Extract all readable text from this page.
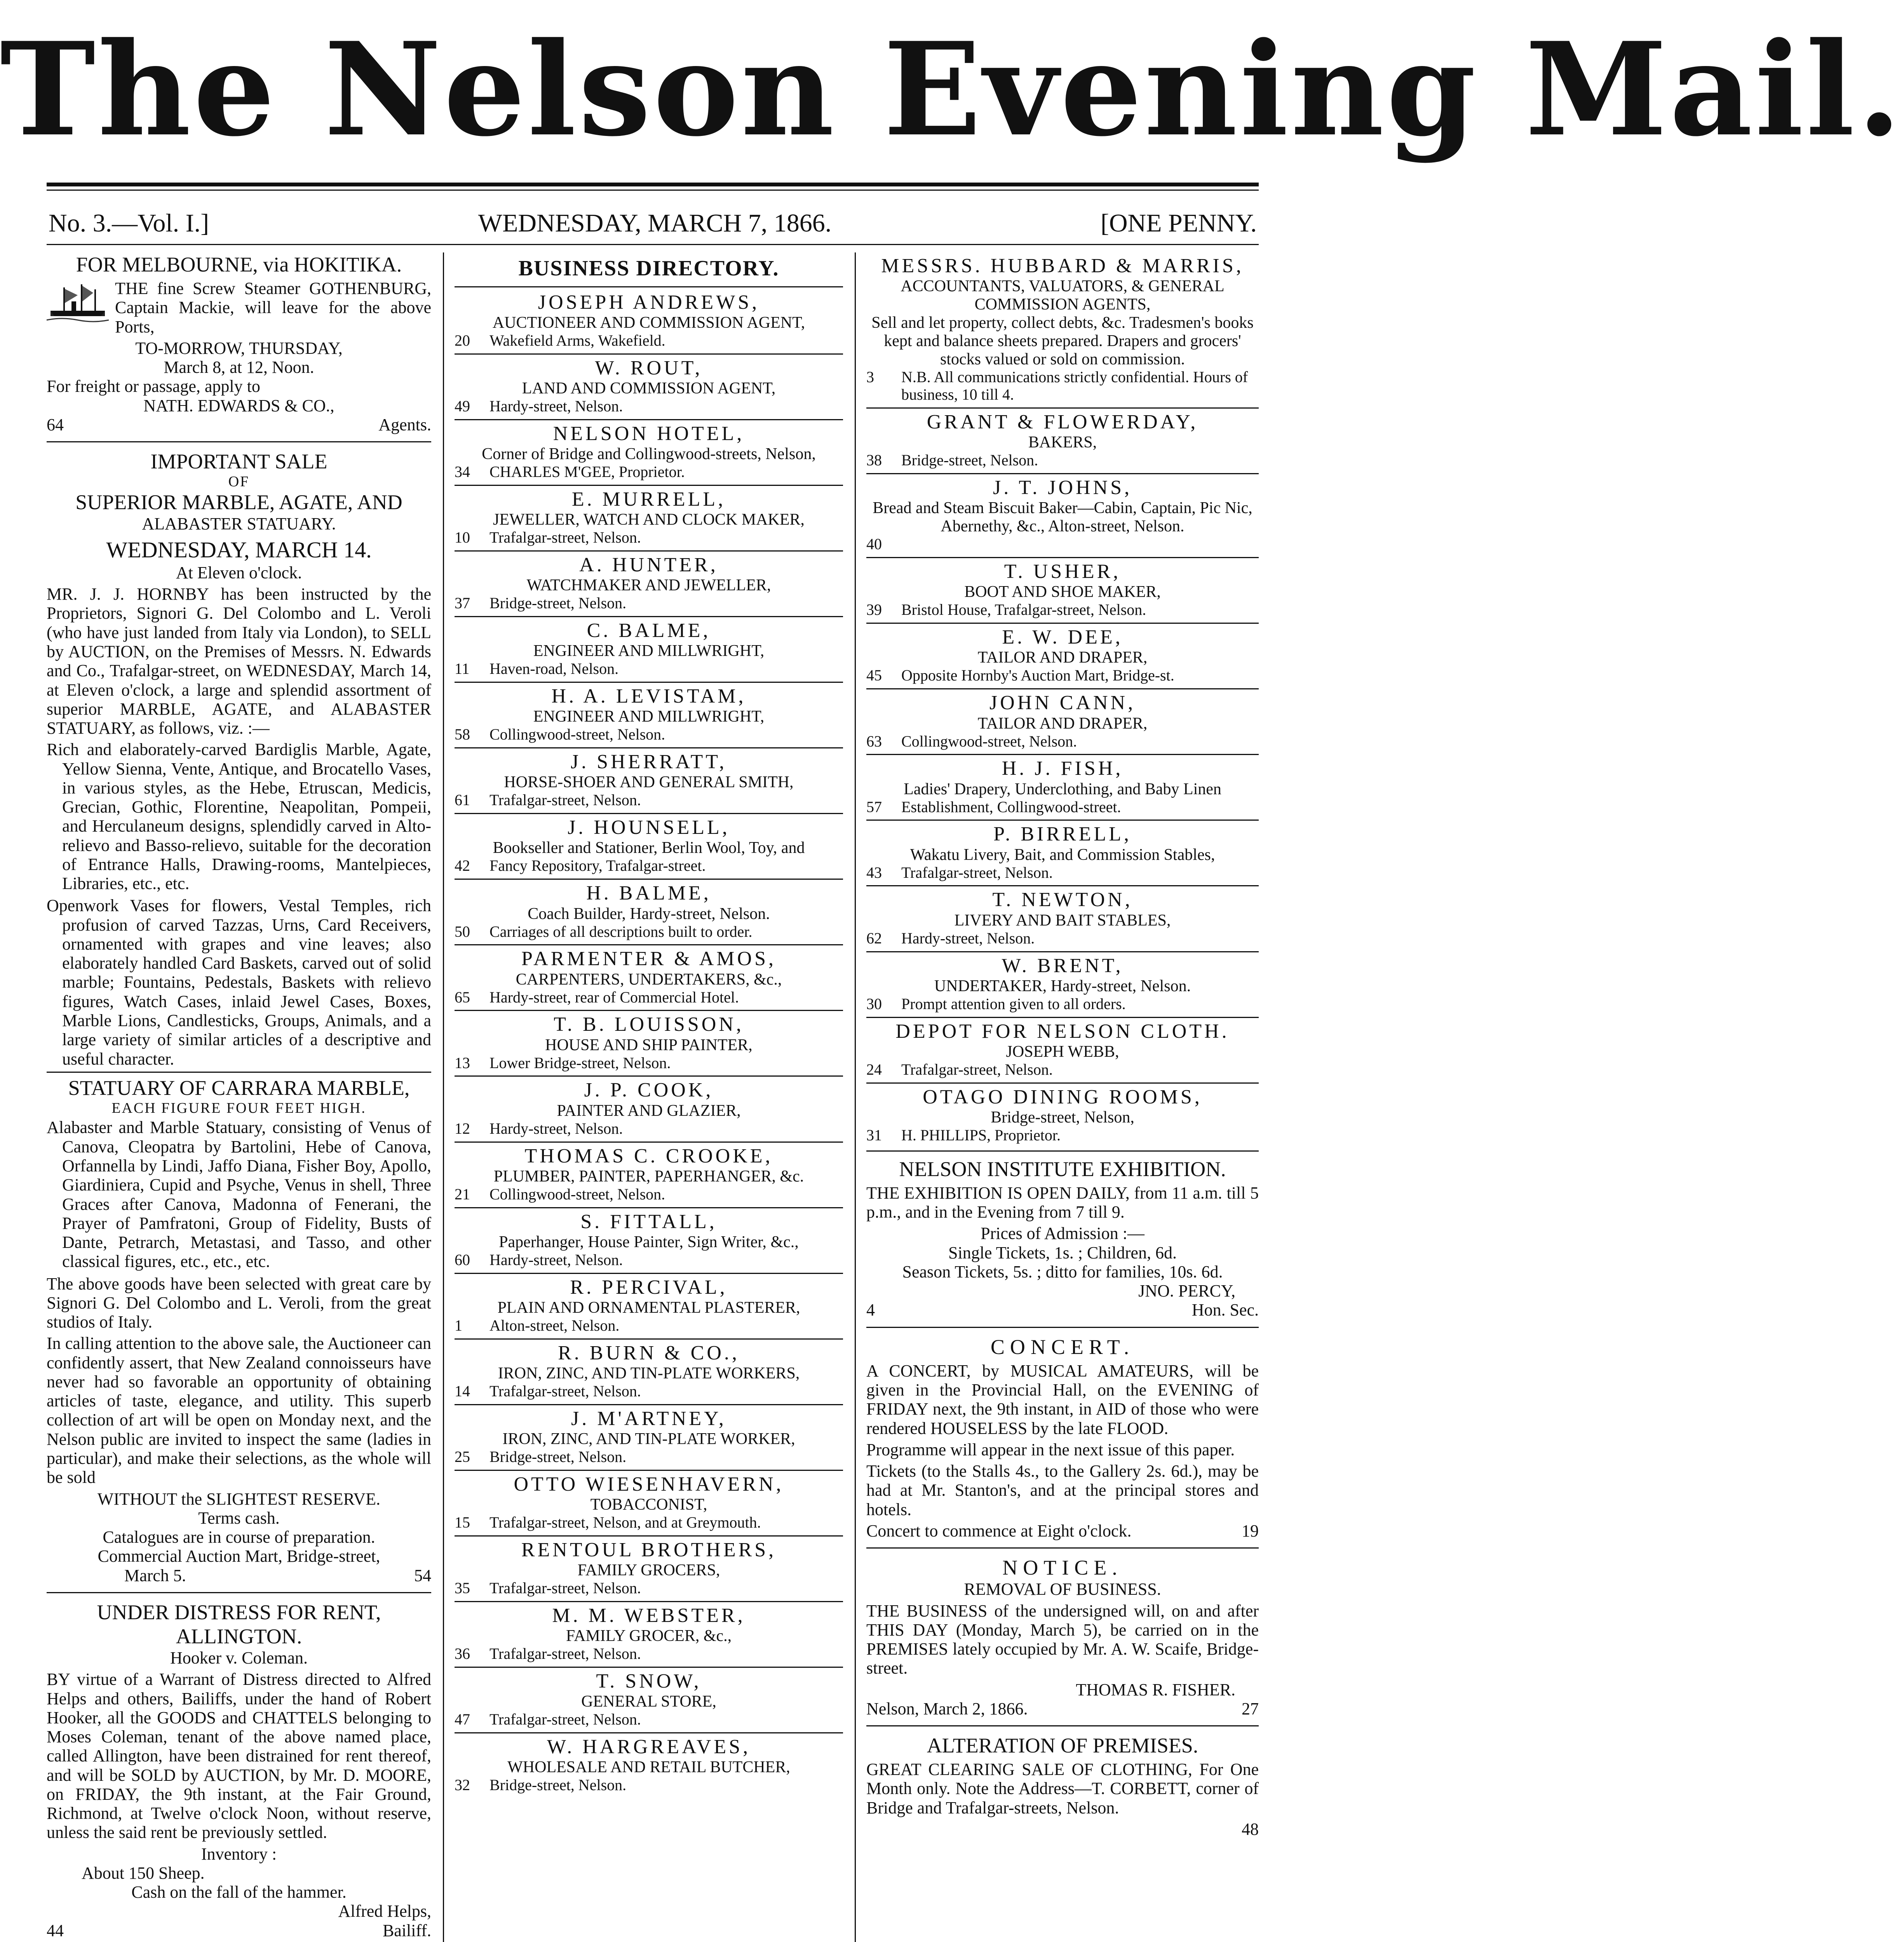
The Nelson Evening Mail.
No. 3.—Vol. I.]	WEDNESDAY, MARCH 7, 1866.	[ONE PENNY.
FOR MELBOURNE, via HOKITIKA.
THE fine Screw Steamer GOTHENBURG, Captain Mackie, will leave for the above Ports,
TO-MORROW, THURSDAY,
March 8, at 12, Noon.
For freight or passage, apply to
NATH. EDWARDS & CO.,
64	Agents.
IMPORTANT SALE
OF
SUPERIOR MARBLE, AGATE, AND
ALABASTER STATUARY.
WEDNESDAY, MARCH 14.
At Eleven o'clock.
MR. J. J. HORNBY has been instructed by the Proprietors, Signori G. Del Colombo and L. Veroli (who have just landed from Italy via London), to SELL by AUCTION, on the Premises of Messrs. N. Edwards and Co., Trafalgar-street, on WEDNESDAY, March 14, at Eleven o'clock, a large and splendid assortment of superior MARBLE, AGATE, and ALABASTER STATUARY, as follows, viz. :—
Rich and elaborately-carved Bardiglis Marble, Agate, Yellow Sienna, Vente, Antique, and Brocatello Vases, in various styles, as the Hebe, Etruscan, Medicis, Grecian, Gothic, Florentine, Neapolitan, Pompeii, and Herculaneum designs, splendidly carved in Alto-relievo and Basso-relievo, suitable for the decoration of Entrance Halls, Drawing-rooms, Mantelpieces, Libraries, etc., etc.
Openwork Vases for flowers, Vestal Temples, rich profusion of carved Tazzas, Urns, Card Receivers, ornamented with grapes and vine leaves; also elaborately handled Card Baskets, carved out of solid marble; Fountains, Pedestals, Baskets with relievo figures, Watch Cases, inlaid Jewel Cases, Boxes, Marble Lions, Candlesticks, Groups, Animals, and a large variety of similar articles of a descriptive and useful character.
STATUARY OF CARRARA MARBLE,
EACH FIGURE FOUR FEET HIGH.
Alabaster and Marble Statuary, consisting of Venus of Canova, Cleopatra by Bartolini, Hebe of Canova, Orfannella by Lindi, Jaffo Diana, Fisher Boy, Apollo, Giardiniera, Cupid and Psyche, Venus in shell, Three Graces after Canova, Madonna of Fenerani, the Prayer of Pamfratoni, Group of Fidelity, Busts of Dante, Petrarch, Metastasi, and Tasso, and other classical figures, etc., etc., etc.
The above goods have been selected with great care by Signori G. Del Colombo and L. Veroli, from the great studios of Italy.
In calling attention to the above sale, the Auctioneer can confidently assert, that New Zealand connoisseurs have never had so favorable an opportunity of obtaining articles of taste, elegance, and utility. This superb collection of art will be open on Monday next, and the Nelson public are invited to inspect the same (ladies in particular), and make their selections, as the whole will be sold
WITHOUT the SLIGHTEST RESERVE.
Terms cash.
Catalogues are in course of preparation.
Commercial Auction Mart, Bridge-street,
March 5.	54
UNDER DISTRESS FOR RENT, ALLINGTON.
Hooker v. Coleman.
BY virtue of a Warrant of Distress directed to Alfred Helps and others, Bailiffs, under the hand of Robert Hooker, all the GOODS and CHATTELS belonging to Moses Coleman, tenant of the above named place, called Allington, have been distrained for rent thereof, and will be SOLD by AUCTION, by Mr. D. MOORE, on FRIDAY, the 9th instant, at the Fair Ground, Richmond, at Twelve o'clock Noon, without reserve, unless the said rent be previously settled.
Inventory :
About 150 Sheep.
Cash on the fall of the hammer.
Alfred Helps,
44	Bailiff.
BUSINESS DIRECTORY.
JOSEPH ANDREWS,
AUCTIONEER AND COMMISSION AGENT,
20	Wakefield Arms, Wakefield.
W. ROUT,
LAND AND COMMISSION AGENT,
49	Hardy-street, Nelson.
NELSON HOTEL,
Corner of Bridge and Collingwood-streets, Nelson,
34	CHARLES M'GEE, Proprietor.
E. MURRELL,
JEWELLER, WATCH AND CLOCK MAKER,
10	Trafalgar-street, Nelson.
A. HUNTER,
WATCHMAKER AND JEWELLER,
37	Bridge-street, Nelson.
C. BALME,
ENGINEER AND MILLWRIGHT,
11	Haven-road, Nelson.
H. A. LEVISTAM,
ENGINEER AND MILLWRIGHT,
58	Collingwood-street, Nelson.
J. SHERRATT,
HORSE-SHOER AND GENERAL SMITH,
61	Trafalgar-street, Nelson.
J. HOUNSELL,
Bookseller and Stationer, Berlin Wool, Toy, and
42	Fancy Repository, Trafalgar-street.
H. BALME,
Coach Builder, Hardy-street, Nelson.
50	Carriages of all descriptions built to order.
PARMENTER & AMOS,
CARPENTERS, UNDERTAKERS, &c.,
65	Hardy-street, rear of Commercial Hotel.
T. B. LOUISSON,
HOUSE AND SHIP PAINTER,
13	Lower Bridge-street, Nelson.
J. P. COOK,
PAINTER AND GLAZIER,
12	Hardy-street, Nelson.
THOMAS C. CROOKE,
PLUMBER, PAINTER, PAPERHANGER, &c.
21	Collingwood-street, Nelson.
S. FITTALL,
Paperhanger, House Painter, Sign Writer, &c.,
60	Hardy-street, Nelson.
R. PERCIVAL,
PLAIN AND ORNAMENTAL PLASTERER,
1	Alton-street, Nelson.
R. BURN & CO.,
IRON, ZINC, AND TIN-PLATE WORKERS,
14	Trafalgar-street, Nelson.
J. M'ARTNEY,
IRON, ZINC, AND TIN-PLATE WORKER,
25	Bridge-street, Nelson.
OTTO WIESENHAVERN,
TOBACCONIST,
15	Trafalgar-street, Nelson, and at Greymouth.
RENTOUL BROTHERS,
FAMILY GROCERS,
35	Trafalgar-street, Nelson.
M. M. WEBSTER,
FAMILY GROCER, &c.,
36	Trafalgar-street, Nelson.
T. SNOW,
GENERAL STORE,
47	Trafalgar-street, Nelson.
W. HARGREAVES,
WHOLESALE AND RETAIL BUTCHER,
32	Bridge-street, Nelson.
MESSRS. HUBBARD & MARRIS,
ACCOUNTANTS, VALUATORS, & GENERAL COMMISSION AGENTS,
Sell and let property, collect debts, &c. Tradesmen's books kept and balance sheets prepared. Drapers and grocers' stocks valued or sold on commission.
3	N.B. All communications strictly confidential. Hours of business, 10 till 4.
GRANT & FLOWERDAY,
BAKERS,
38	Bridge-street, Nelson.
J. T. JOHNS,
Bread and Steam Biscuit Baker—Cabin, Captain, Pic Nic, Abernethy, &c., Alton-street, Nelson.
40
T. USHER,
BOOT AND SHOE MAKER,
39	Bristol House, Trafalgar-street, Nelson.
E. W. DEE,
TAILOR AND DRAPER,
45	Opposite Hornby's Auction Mart, Bridge-st.
JOHN CANN,
TAILOR AND DRAPER,
63	Collingwood-street, Nelson.
H. J. FISH,
Ladies' Drapery, Underclothing, and Baby Linen
57	Establishment, Collingwood-street.
P. BIRRELL,
Wakatu Livery, Bait, and Commission Stables,
43	Trafalgar-street, Nelson.
T. NEWTON,
LIVERY AND BAIT STABLES,
62	Hardy-street, Nelson.
W. BRENT,
UNDERTAKER, Hardy-street, Nelson.
30	Prompt attention given to all orders.
DEPOT FOR NELSON CLOTH.
JOSEPH WEBB,
24	Trafalgar-street, Nelson.
OTAGO DINING ROOMS,
Bridge-street, Nelson,
31	H. PHILLIPS, Proprietor.
NELSON INSTITUTE EXHIBITION.
THE EXHIBITION IS OPEN DAILY, from 11 a.m. till 5 p.m., and in the Evening from 7 till 9.
Prices of Admission :—
Single Tickets, 1s. ; Children, 6d.
Season Tickets, 5s. ; ditto for families, 10s. 6d.
JNO. PERCY,
4	Hon. Sec.
CONCERT.
A CONCERT, by MUSICAL AMATEURS, will be given in the Provincial Hall, on the EVENING of FRIDAY next, the 9th instant, in AID of those who were rendered HOUSELESS by the late FLOOD.
Programme will appear in the next issue of this paper.
Tickets (to the Stalls 4s., to the Gallery 2s. 6d.), may be had at Mr. Stanton's, and at the principal stores and hotels.
Concert to commence at Eight o'clock.	19
NOTICE.
REMOVAL OF BUSINESS.
THE BUSINESS of the undersigned will, on and after THIS DAY (Monday, March 5), be carried on in the PREMISES lately occupied by Mr. A. W. Scaife, Bridge-street.
THOMAS R. FISHER.
Nelson, March 2, 1866.	27
ALTERATION OF PREMISES.
GREAT CLEARING SALE OF CLOTHING, For One Month only. Note the Address—T. CORBETT, corner of Bridge and Trafalgar-streets, Nelson.
48
